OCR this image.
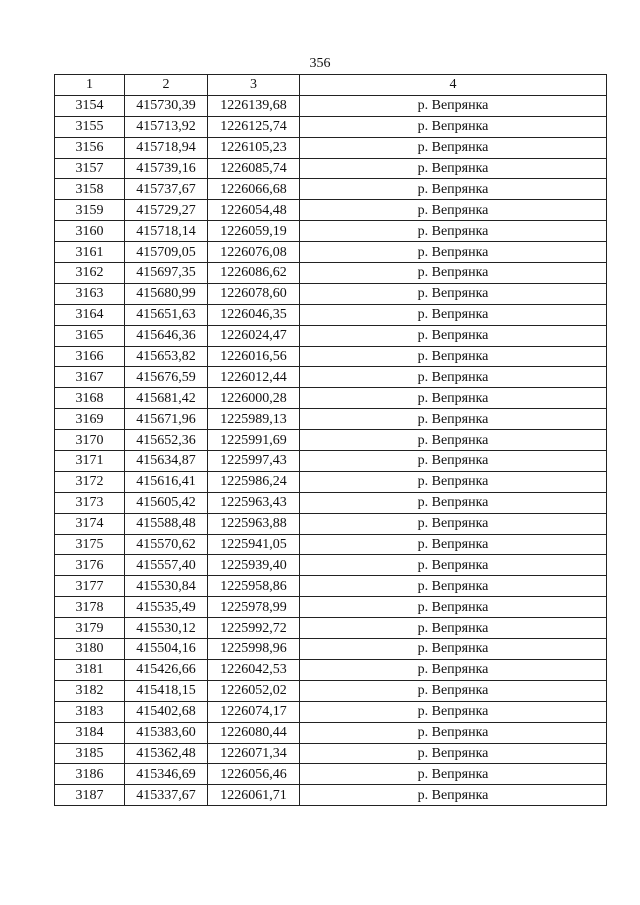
356
1	2	3	4
3154	415730,39	1226139,68	р. Вепрянка
3155	415713,92	1226125,74	р. Вепрянка
3156	415718,94	1226105,23	р. Вепрянка
3157	415739,16	1226085,74	р. Вепрянка
3158	415737,67	1226066,68	р. Вепрянка
3159	415729,27	1226054,48	р. Вепрянка
3160	415718,14	1226059,19	р. Вепрянка
3161	415709,05	1226076,08	р. Вепрянка
3162	415697,35	1226086,62	р. Вепрянка
3163	415680,99	1226078,60	р. Вепрянка
3164	415651,63	1226046,35	р. Вепрянка
3165	415646,36	1226024,47	р. Вепрянка
3166	415653,82	1226016,56	р. Вепрянка
3167	415676,59	1226012,44	р. Вепрянка
3168	415681,42	1226000,28	р. Вепрянка
3169	415671,96	1225989,13	р. Вепрянка
3170	415652,36	1225991,69	р. Вепрянка
3171	415634,87	1225997,43	р. Вепрянка
3172	415616,41	1225986,24	р. Вепрянка
3173	415605,42	1225963,43	р. Вепрянка
3174	415588,48	1225963,88	р. Вепрянка
3175	415570,62	1225941,05	р. Вепрянка
3176	415557,40	1225939,40	р. Вепрянка
3177	415530,84	1225958,86	р. Вепрянка
3178	415535,49	1225978,99	р. Вепрянка
3179	415530,12	1225992,72	р. Вепрянка
3180	415504,16	1225998,96	р. Вепрянка
3181	415426,66	1226042,53	р. Вепрянка
3182	415418,15	1226052,02	р. Вепрянка
3183	415402,68	1226074,17	р. Вепрянка
3184	415383,60	1226080,44	р. Вепрянка
3185	415362,48	1226071,34	р. Вепрянка
3186	415346,69	1226056,46	р. Вепрянка
3187	415337,67	1226061,71	р. Вепрянка
